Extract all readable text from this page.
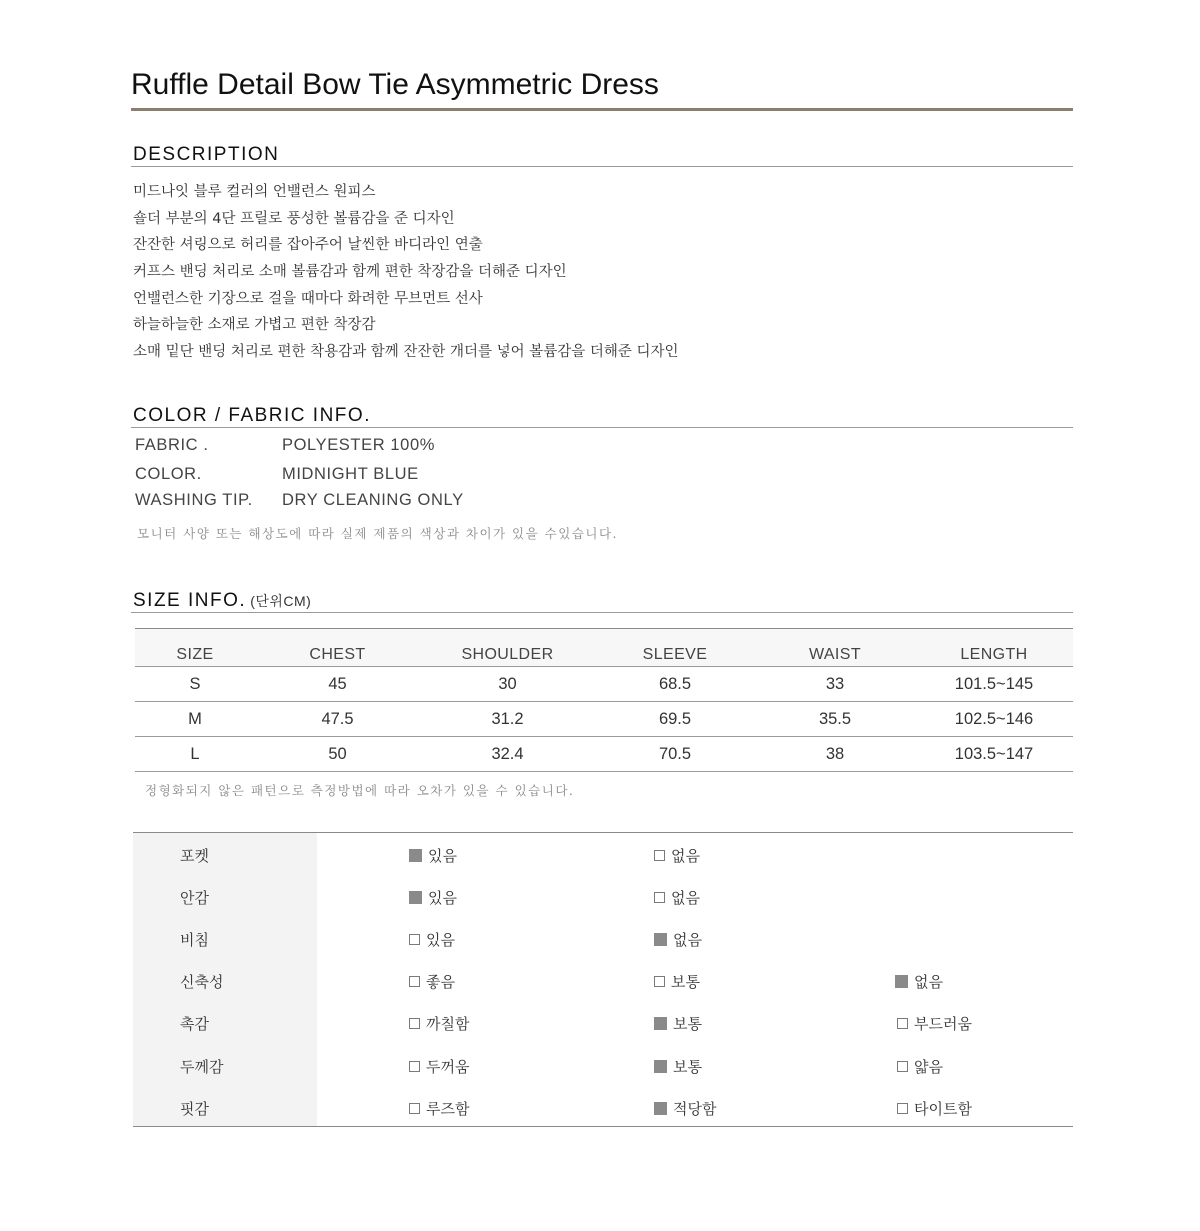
Ruffle Detail Bow Tie Asymmetric Dress
DESCRIPTION
미드나잇 블루 컬러의 언밸런스 원피스
숄더 부분의 4단 프릴로 풍성한 볼륨감을 준 디자인
잔잔한 셔링으로 허리를 잡아주어 날씬한 바디라인 연출
커프스 밴딩 처리로 소매 볼륨감과 함께 편한 착장감을 더해준 디자인
언밸런스한 기장으로 걸을 때마다 화려한 무브먼트 선사
하늘하늘한 소재로 가볍고 편한 착장감
소매 밑단 밴딩 처리로 편한 착용감과 함께 잔잔한 개더를 넣어 볼륨감을 더해준 디자인
COLOR / FABRIC INFO.
FABRIC .	POLYESTER 100%
COLOR.	MIDNIGHT BLUE
WASHING TIP. DRY CLEANING ONLY
모니터 사양 또는 해상도에 따라 실제 제품의 색상과 차이가 있을 수있습니다.
SIZE INFO. (단위CM)
SIZE	CHEST	SHOULDER	SLEEVE	WAIST	LENGTH
S	45	30	68.5	33	101.5~145
M	47.5	31.2	69.5	35.5	102.5~146
L	50	32.4	70.5	38	103.5~147
정형화되지 않은 패턴으로 측정방법에 따라 오차가 있을 수 있습니다.
포켓	있음	없음
안감	있음	없음
비침	있음	없음
신축성	좋음	보통	없음
촉감	까칠함	보통	부드러움
두께감	두꺼움	보통	얇음
핏감	루즈함	적당함	타이트함
